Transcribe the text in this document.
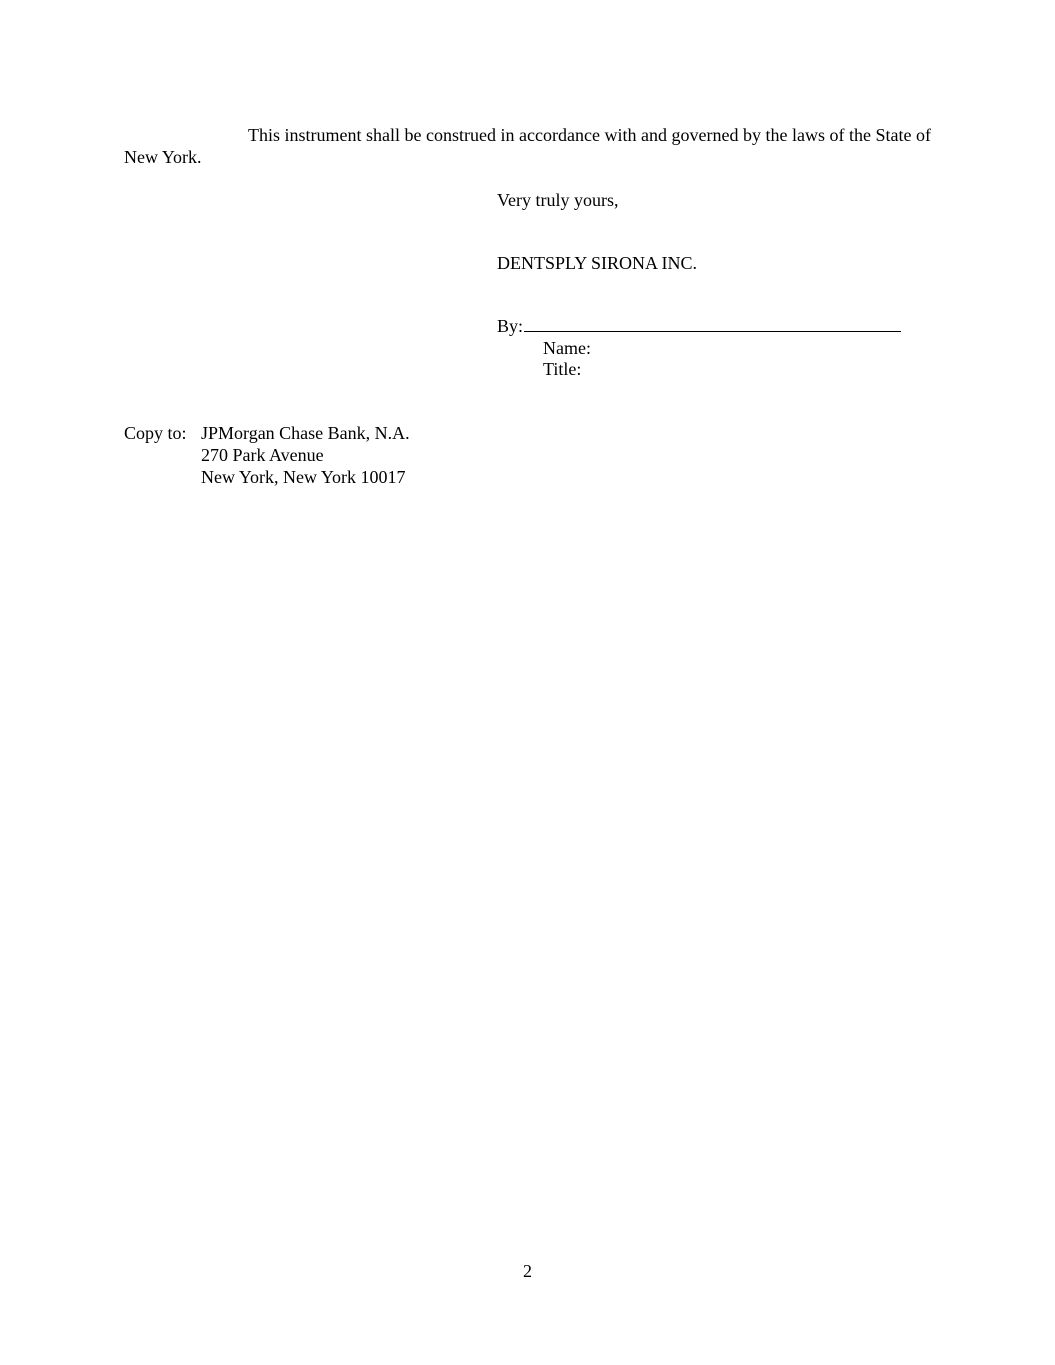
This instrument shall be construed in accordance with and governed by the laws of the State of New York.
Very truly yours,
DENTSPLY SIRONA INC.
By:
Name:
Title:
Copy to: JPMorgan Chase Bank, N.A.
270 Park Avenue
New York, New York 10017
2
